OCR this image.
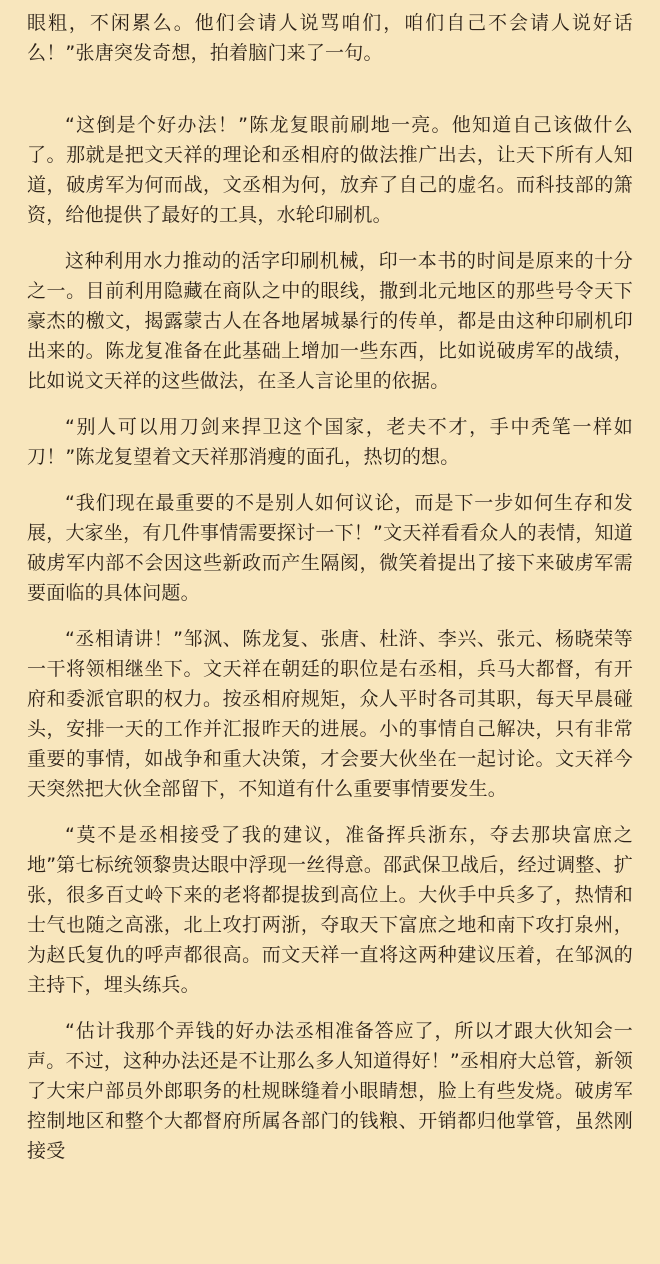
眼粗，不闲累么。他们会请人说骂咱们，咱们自己不会请人说好话么！”张唐突发奇想，拍着脑门来了一句。

“这倒是个好办法！”陈龙复眼前刷地一亮。他知道自己该做什么了。那就是把文天祥的理论和丞相府的做法推广出去，让天下所有人知道，破虏军为何而战，文丞相为何，放弃了自己的虚名。而科技部的箫资，给他提供了最好的工具，水轮印刷机。

这种利用水力推动的活字印刷机械，印一本书的时间是原来的十分之一。目前利用隐藏在商队之中的眼线，撒到北元地区的那些号令天下豪杰的檄文，揭露蒙古人在各地屠城暴行的传单，都是由这种印刷机印出来的。陈龙复准备在此基础上增加一些东西，比如说破虏军的战绩，比如说文天祥的这些做法，在圣人言论里的依据。

“别人可以用刀剑来捍卫这个国家，老夫不才，手中秃笔一样如刀！”陈龙复望着文天祥那消瘦的面孔，热切的想。

“我们现在最重要的不是别人如何议论，而是下一步如何生存和发展，大家坐，有几件事情需要探讨一下！”文天祥看看众人的表情，知道破虏军内部不会因这些新政而产生隔阂，微笑着提出了接下来破虏军需要面临的具体问题。

“丞相请讲！”邹沨、陈龙复、张唐、杜浒、李兴、张元、杨晓荣等一干将领相继坐下。文天祥在朝廷的职位是右丞相，兵马大都督，有开府和委派官职的权力。按丞相府规矩，众人平时各司其职，每天早晨碰头，安排一天的工作并汇报昨天的进展。小的事情自己解决，只有非常重要的事情，如战争和重大决策，才会要大伙坐在一起讨论。文天祥今天突然把大伙全部留下，不知道有什么重要事情要发生。

“莫不是丞相接受了我的建议，准备挥兵浙东，夺去那块富庶之地”第七标统领黎贵达眼中浮现一丝得意。邵武保卫战后，经过调整、扩张，很多百丈岭下来的老将都提拔到高位上。大伙手中兵多了，热情和士气也随之高涨，北上攻打两浙，夺取天下富庶之地和南下攻打泉州，为赵氏复仇的呼声都很高。而文天祥一直将这两种建议压着，在邹沨的主持下，埋头练兵。

“估计我那个弄钱的好办法丞相准备答应了，所以才跟大伙知会一声。不过，这种办法还是不让那么多人知道得好！”丞相府大总管，新领了大宋户部员外郎职务的杜规眯缝着小眼睛想，脸上有些发烧。破虏军控制地区和整个大都督府所属各部门的钱粮、开销都归他掌管，虽然刚接受
